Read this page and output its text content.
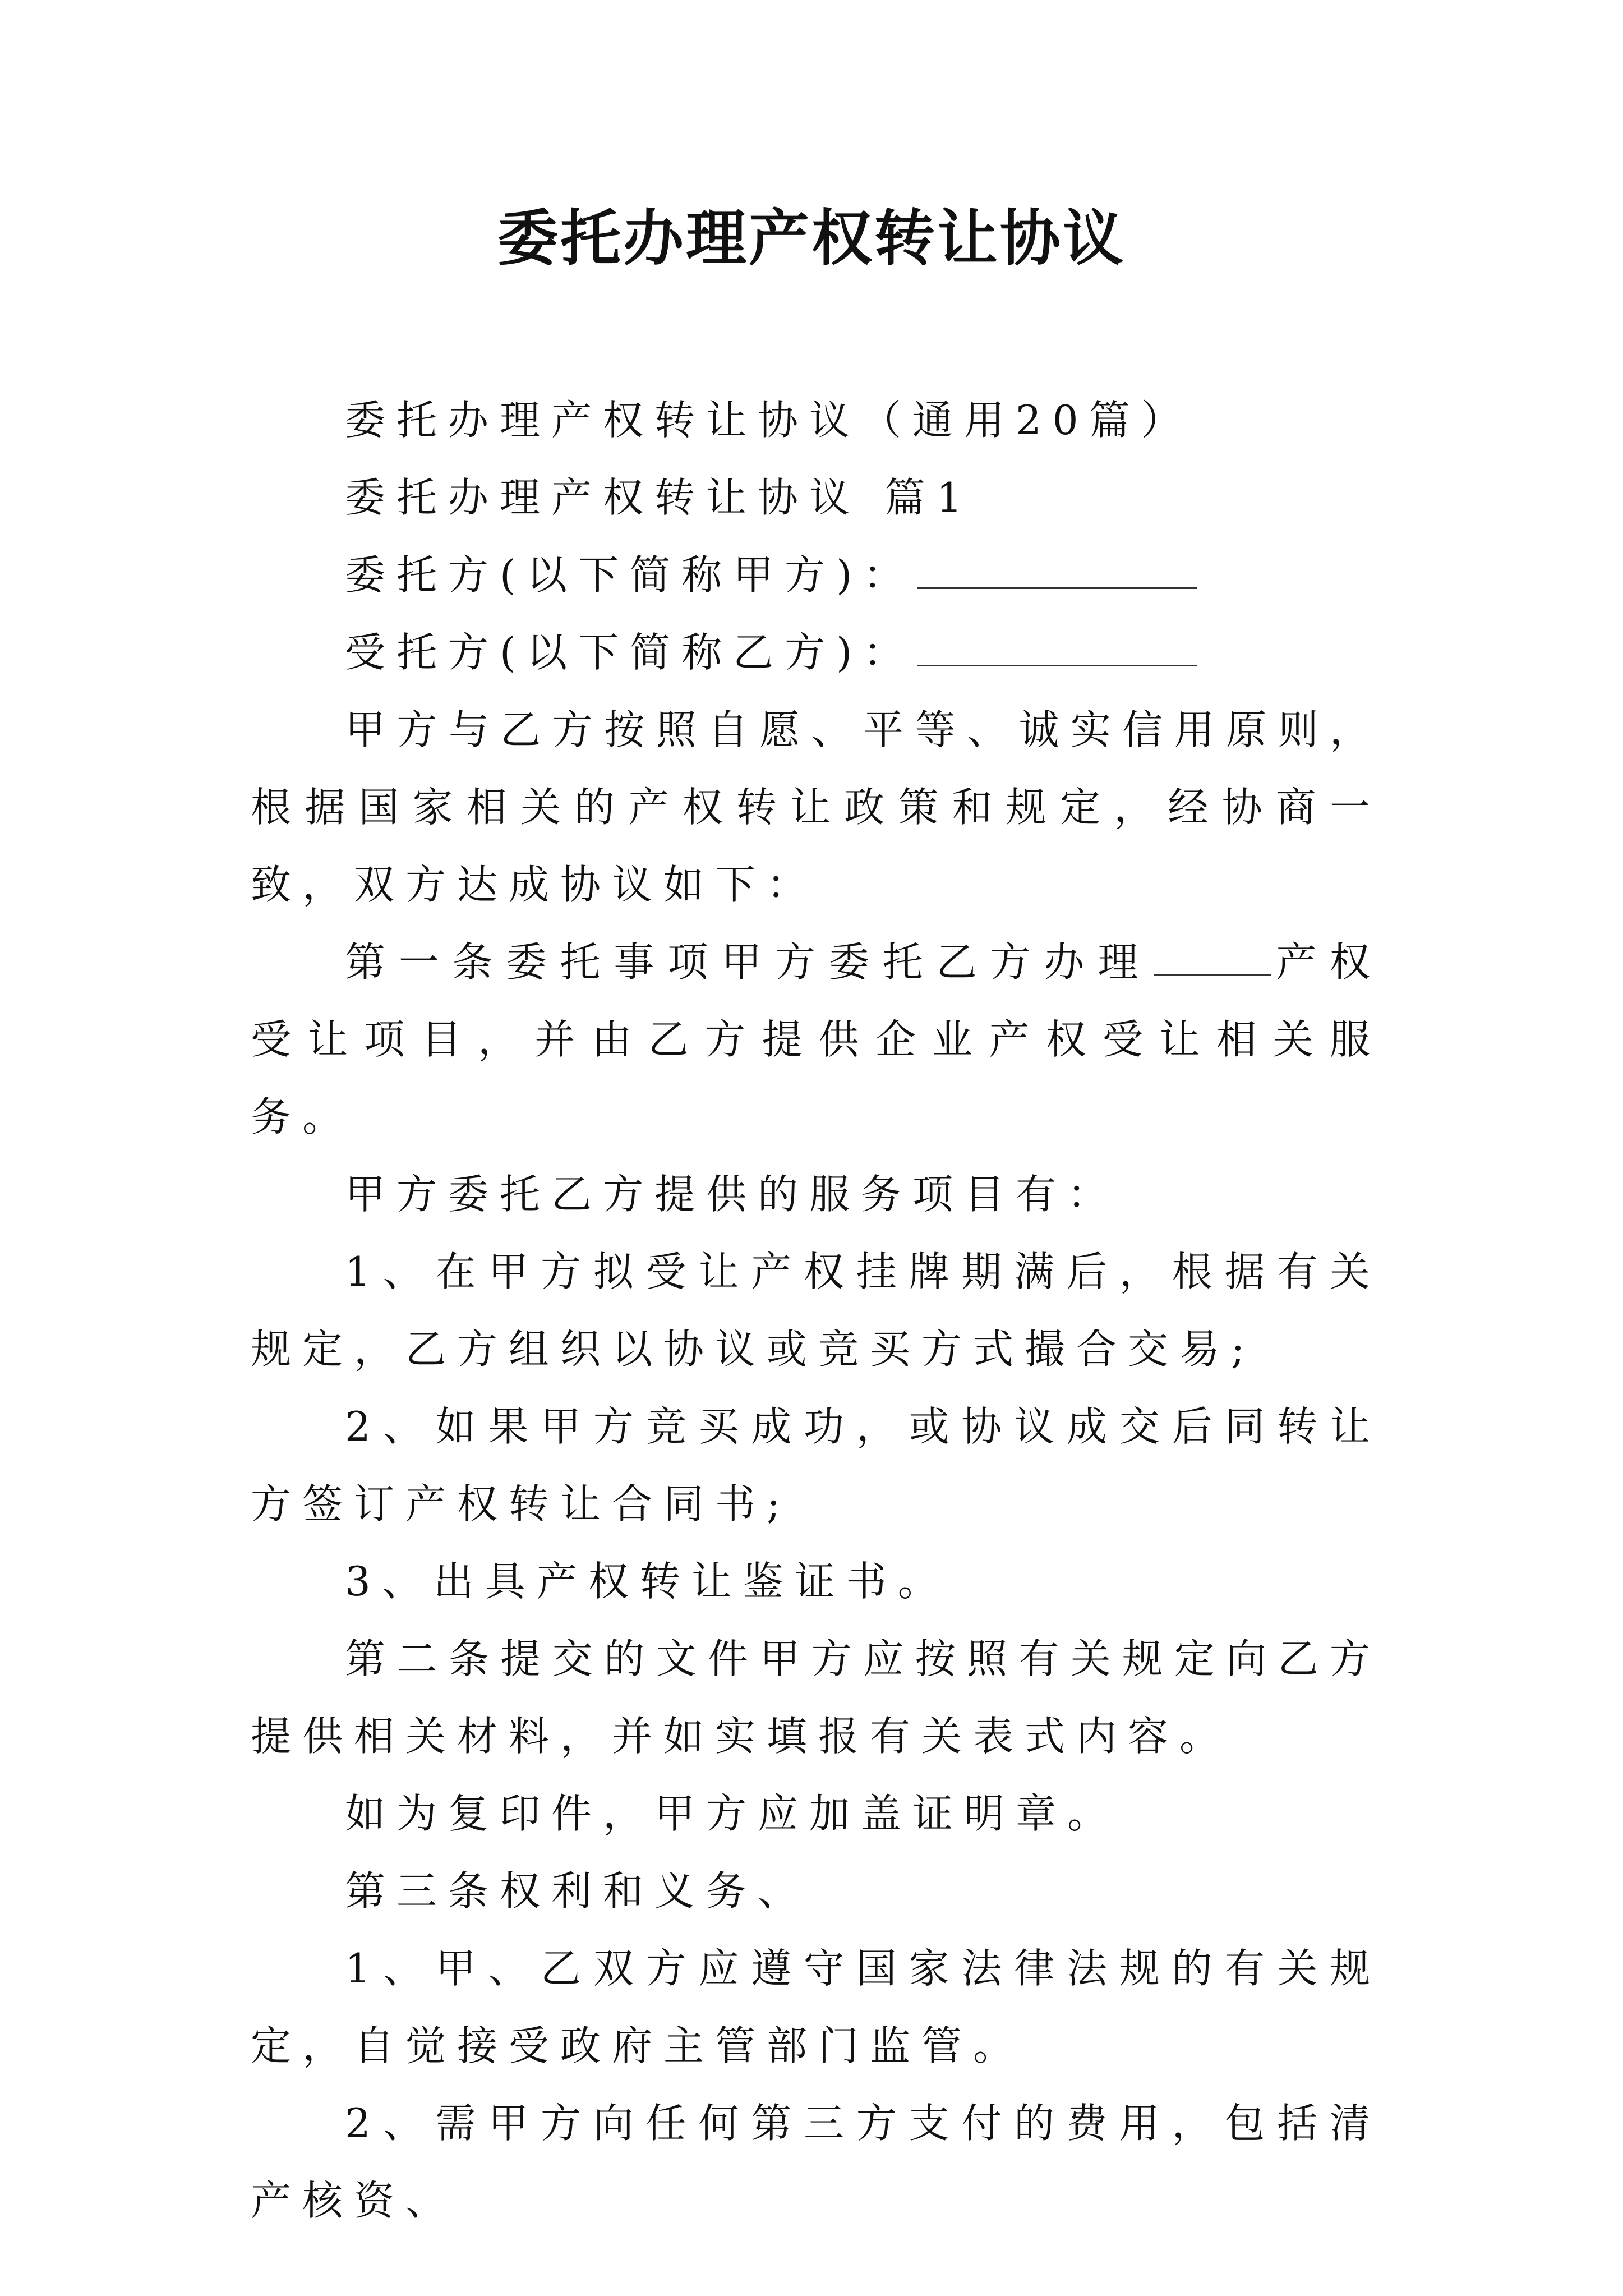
委托办理产权转让协议

委托办理产权转让协议（通用20篇）

委托办理产权转让协议 篇1

委托方(以下简称甲方)：

受托方(以下简称乙方)：

甲方与乙方按照自愿、平等、诚实信用原则，根据国家相关的产权转让政策和规定，经协商一致，双方达成协议如下：

第一条委托事项甲方委托乙方办理	产权受让项目，并由乙方提供企业产权受让相关服务。

甲方委托乙方提供的服务项目有：

1、在甲方拟受让产权挂牌期满后，根据有关规定，乙方组织以协议或竞买方式撮合交易;

2、如果甲方竞买成功，或协议成交后同转让方签订产权转让合同书;

3、出具产权转让鉴证书。

第二条提交的文件甲方应按照有关规定向乙方提供相关材料，并如实填报有关表式内容。

如为复印件，甲方应加盖证明章。

第三条权利和义务、

1、甲、乙双方应遵守国家法律法规的有关规定，自觉接受政府主管部门监管。

2、需甲方向任何第三方支付的费用，包括清产核资、
